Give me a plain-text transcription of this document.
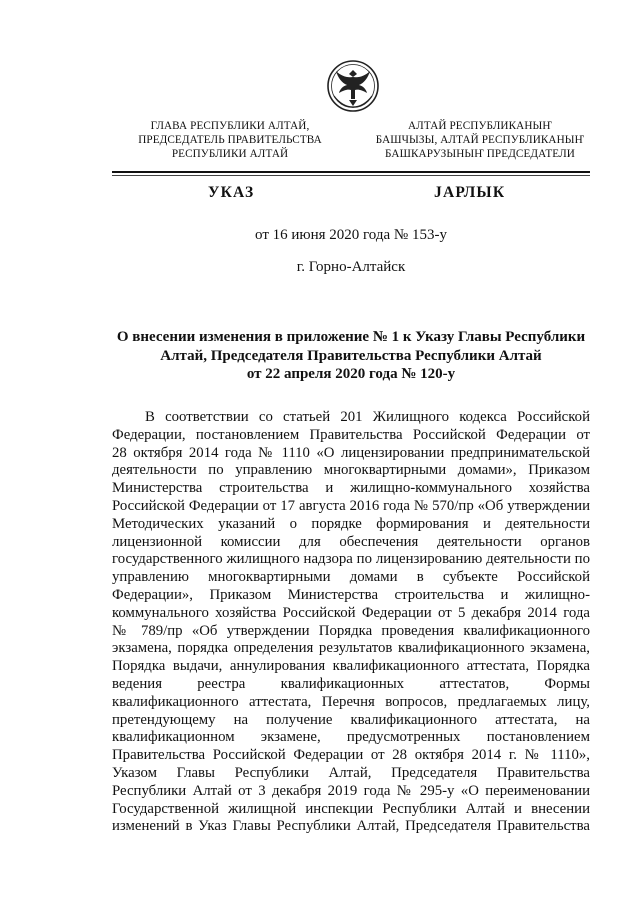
ГЛАВА РЕСПУБЛИКИ АЛТАЙ,
ПРЕДСЕДАТЕЛЬ ПРАВИТЕЛЬСТВА
РЕСПУБЛИКИ АЛТАЙ
АЛТАЙ РЕСПУБЛИКАНЫҤ
БАШЧЫЗЫ, АЛТАЙ РЕСПУБЛИКАНЫҤ
БАШКАРУЗЫНЫҤ ПРЕДСЕДАТЕЛИ
УКАЗ	JАРЛЫК
от 16 июня 2020 года № 153-у
г. Горно-Алтайск
О внесении изменения в приложение № 1 к Указу Главы Республики
Алтай, Председателя Правительства Республики Алтай
от 22 апреля 2020 года № 120-у
В соответствии со статьей 201 Жилищного кодекса Российской
Федерации, постановлением Правительства Российской Федерации от
28 октября 2014 года № 1110 «О лицензировании предпринимательской
деятельности по управлению многоквартирными домами», Приказом
Министерства строительства и жилищно-коммунального хозяйства
Российской Федерации от 17 августа 2016 года № 570/пр «Об утверждении
Методических указаний о порядке формирования и деятельности
лицензионной комиссии для обеспечения деятельности органов
государственного жилищного надзора по лицензированию деятельности по
управлению многоквартирными домами в субъекте Российской
Федерации», Приказом Министерства строительства и жилищно-
коммунального хозяйства Российской Федерации от 5 декабря 2014 года
№ 789/пр «Об утверждении Порядка проведения квалификационного
экзамена, порядка определения результатов квалификационного экзамена,
Порядка выдачи, аннулирования квалификационного аттестата, Порядка
ведения реестра квалификационных аттестатов, Формы
квалификационного аттестата, Перечня вопросов, предлагаемых лицу,
претендующему на получение квалификационного аттестата, на
квалификационном экзамене, предусмотренных постановлением
Правительства Российской Федерации от 28 октября 2014 г. № 1110»,
Указом Главы Республики Алтай, Председателя Правительства
Республики Алтай от 3 декабря 2019 года № 295-у «О переименовании
Государственной жилищной инспекции Республики Алтай и внесении
изменений в Указ Главы Республики Алтай, Председателя Правительства
